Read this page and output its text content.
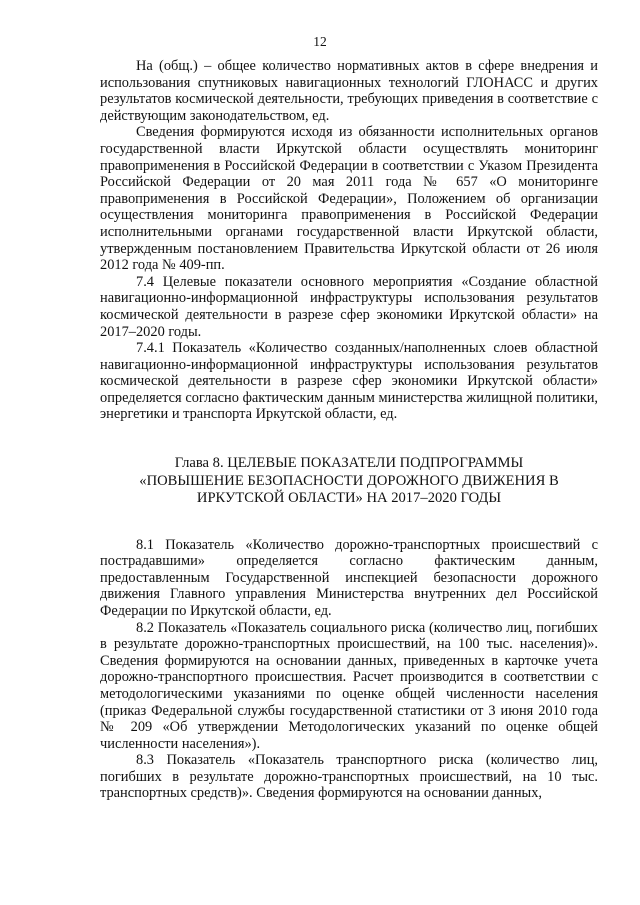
12

На (общ.) – общее количество нормативных актов в сфере внедрения и использования спутниковых навигационных технологий ГЛОНАСС и других результатов космической деятельности, требующих приведения в соответствие с действующим законодательством, ед.

Сведения формируются исходя из обязанности исполнительных органов государственной власти Иркутской области осуществлять мониторинг правоприменения в Российской Федерации в соответствии с Указом Президента Российской Федерации от 20 мая 2011 года № 657 «О мониторинге правоприменения в Российской Федерации», Положением об организации осуществления мониторинга правоприменения в Российской Федерации исполнительными органами государственной власти Иркутской области, утвержденным постановлением Правительства Иркутской области от 26 июля 2012 года № 409-пп.

7.4 Целевые показатели основного мероприятия «Создание областной навигационно-информационной инфраструктуры использования результатов космической деятельности в разрезе сфер экономики Иркутской области» на 2017–2020 годы.

7.4.1 Показатель «Количество созданных/наполненных слоев областной навигационно-информационной инфраструктуры использования результатов космической деятельности в разрезе сфер экономики Иркутской области» определяется согласно фактическим данным министерства жилищной политики, энергетики и транспорта Иркутской области, ед.

Глава 8. ЦЕЛЕВЫЕ ПОКАЗАТЕЛИ ПОДПРОГРАММЫ
«ПОВЫШЕНИЕ БЕЗОПАСНОСТИ ДОРОЖНОГО ДВИЖЕНИЯ В
ИРКУТСКОЙ ОБЛАСТИ» НА 2017–2020 ГОДЫ

8.1 Показатель «Количество дорожно-транспортных происшествий с пострадавшими» определяется согласно фактическим данным, предоставленным Государственной инспекцией безопасности дорожного движения Главного управления Министерства внутренних дел Российской Федерации по Иркутской области, ед.

8.2 Показатель «Показатель социального риска (количество лиц, погибших в результате дорожно-транспортных происшествий, на 100 тыс. населения)». Сведения формируются на основании данных, приведенных в карточке учета дорожно-транспортного происшествия. Расчет производится в соответствии с методологическими указаниями по оценке общей численности населения (приказ Федеральной службы государственной статистики от 3 июня 2010 года № 209 «Об утверждении Методологических указаний по оценке общей численности населения»).

8.3 Показатель «Показатель транспортного риска (количество лиц, погибших в результате дорожно-транспортных происшествий, на 10 тыс. транспортных средств)». Сведения формируются на основании данных,
